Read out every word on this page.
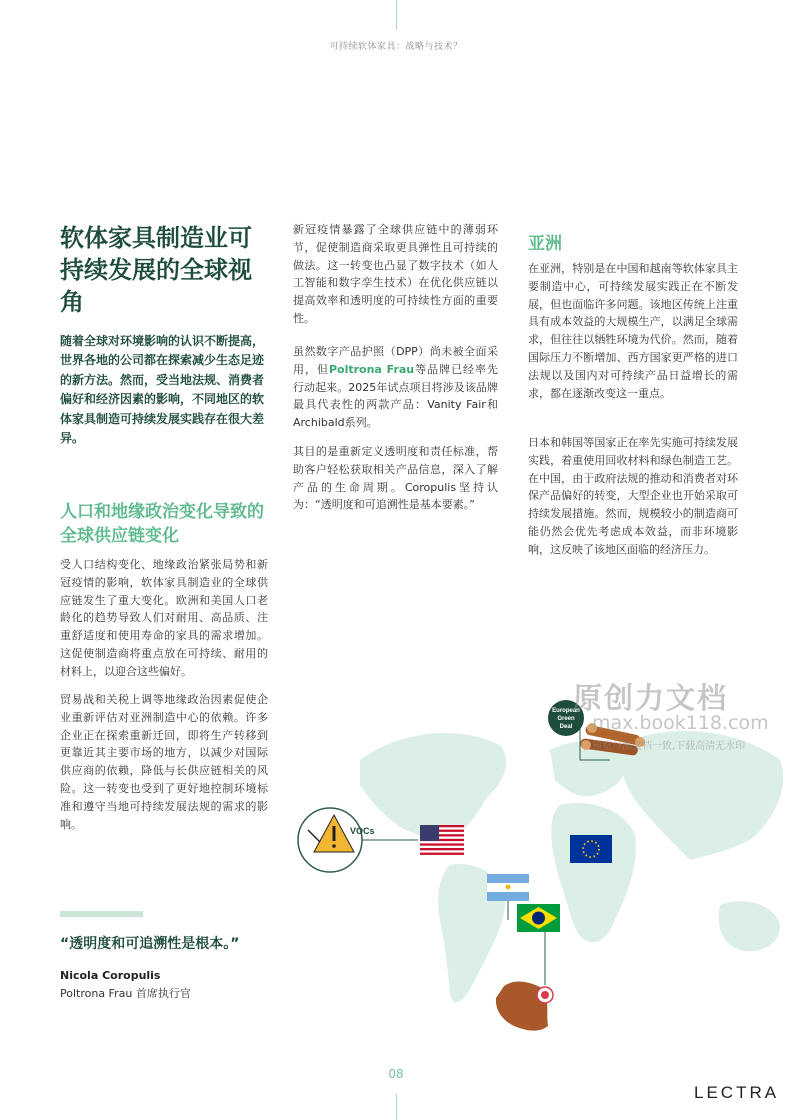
可持续软体家具：战略与技术？
软体家具制造业可持续发展的全球视角

随着全球对环境影响的认识不断提高，世界各地的公司都在探索减少生态足迹的新方法。然而，受当地法规、消费者偏好和经济因素的影响，不同地区的软体家具制造可持续发展实践存在很大差异。

人口和地缘政治变化导致的全球供应链变化

受人口结构变化、地缘政治紧张局势和新冠疫情的影响，软体家具制造业的全球供应链发生了重大变化。欧洲和美国人口老龄化的趋势导致人们对耐用、高品质、注重舒适度和使用寿命的家具的需求增加。这促使制造商将重点放在可持续、耐用的材料上，以迎合这些偏好。

贸易战和关税上调等地缘政治因素促使企业重新评估对亚洲制造中心的依赖。许多企业正在探索重新迁回，即将生产转移到更靠近其主要市场的地方，以减少对国际供应商的依赖，降低与长供应链相关的风险。这一转变也受到了更好地控制环境标准和遵守当地可持续发展法规的需求的影响。

新冠疫情暴露了全球供应链中的薄弱环节，促使制造商采取更具弹性且可持续的做法。这一转变也凸显了数字技术（如人工智能和数字孪生技术）在优化供应链以提高效率和透明度的可持续性方面的重要性。

虽然数字产品护照（DPP）尚未被全面采用，但Poltrona Frau等品牌已经率先行动起来。2025年试点项目将涉及该品牌最具代表性的两款产品：Vanity Fair和Archibald系列。

其目的是重新定义透明度和责任标准，帮助客户轻松获取相关产品信息，深入了解产品的生命周期。Coropulis坚持认为：“透明度和可追溯性是基本要素。”

亚洲

在亚洲，特别是在中国和越南等软体家具主要制造中心，可持续发展实践正在不断发展，但也面临许多问题。该地区传统上注重具有成本效益的大规模生产，以满足全球需求，但往往以牺牲环境为代价。然而，随着国际压力不断增加、西方国家更严格的进口法规以及国内对可持续产品日益增长的需求，都在逐渐改变这一重点。

日本和韩国等国家正在率先实施可持续发展实践，着重使用回收材料和绿色制造工艺。在中国，由于政府法规的推动和消费者对环保产品偏好的转变，大型企业也开始采取可持续发展措施。然而，规模较小的制造商可能仍然会优先考虑成本效益，而非环境影响，这反映了该地区面临的经济压力。

VOCs
European
Green
Deal
原创力文档
max.book118.com
预览与源文档一致,下载高清无水印

“透明度和可追溯性是根本。”

Nicola Coropulis
Poltrona Frau 首席执行官
08
LECTRA
